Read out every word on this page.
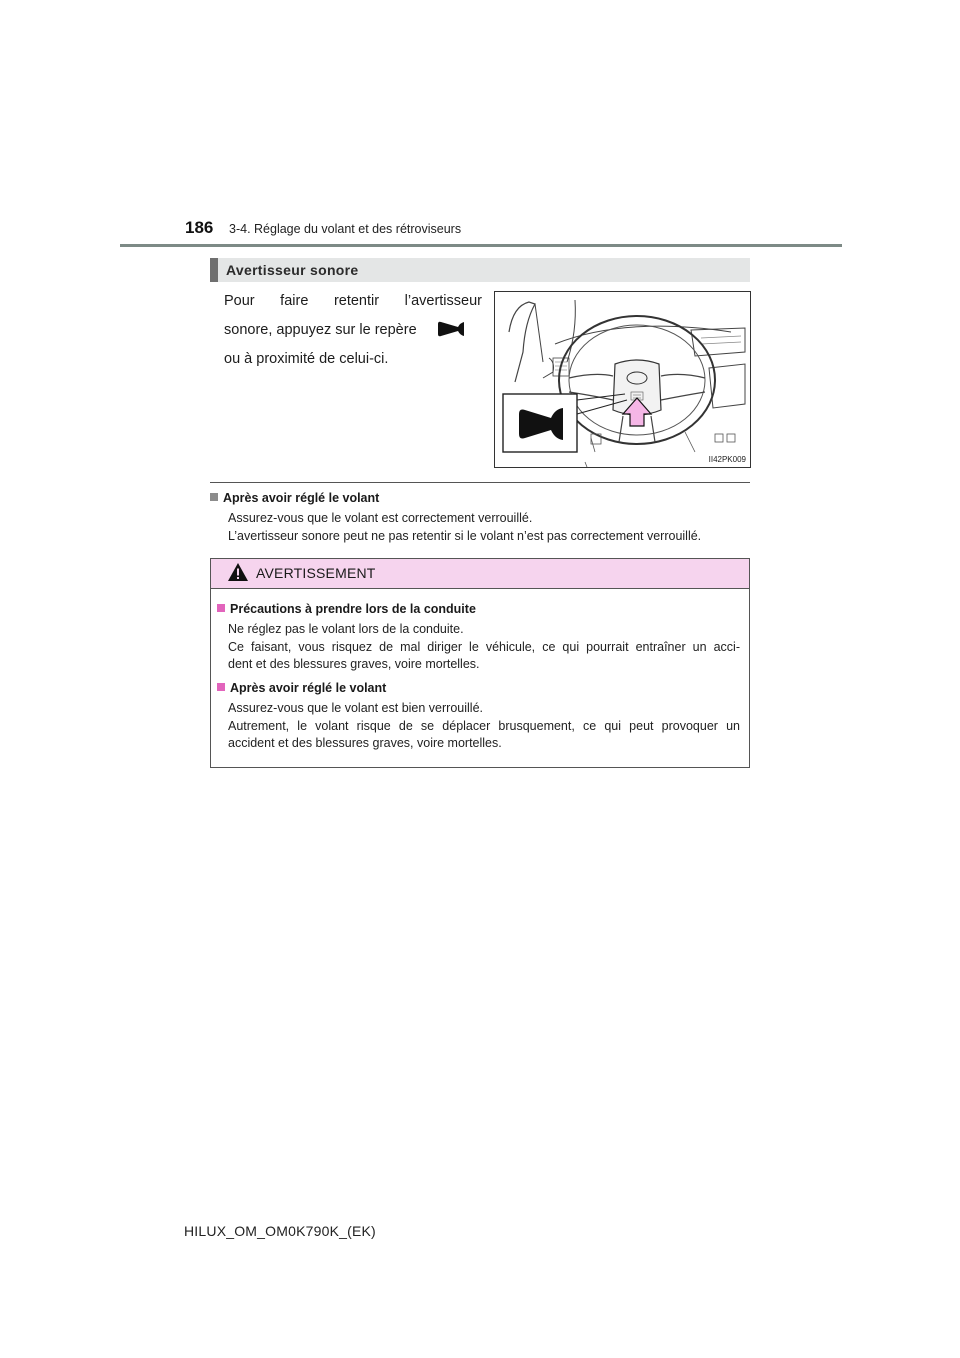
186 3-4. Réglage du volant et des rétroviseurs
Avertisseur sonore
Pour faire retentir l’avertisseur
sonore, appuyez sur le repère
ou à proximité de celui-ci.
II42PK009
Après avoir réglé le volant
Assurez-vous que le volant est correctement verrouillé.
L’avertisseur sonore peut ne pas retentir si le volant n’est pas correctement verrouillé.
AVERTISSEMENT
Précautions à prendre lors de la conduite
Ne réglez pas le volant lors de la conduite.
Ce faisant, vous risquez de mal diriger le véhicule, ce qui pourrait entraîner un acci-
dent et des blessures graves, voire mortelles.
Après avoir réglé le volant
Assurez-vous que le volant est bien verrouillé.
Autrement, le volant risque de se déplacer brusquement, ce qui peut provoquer un
accident et des blessures graves, voire mortelles.
HILUX_OM_OM0K790K_(EK)
